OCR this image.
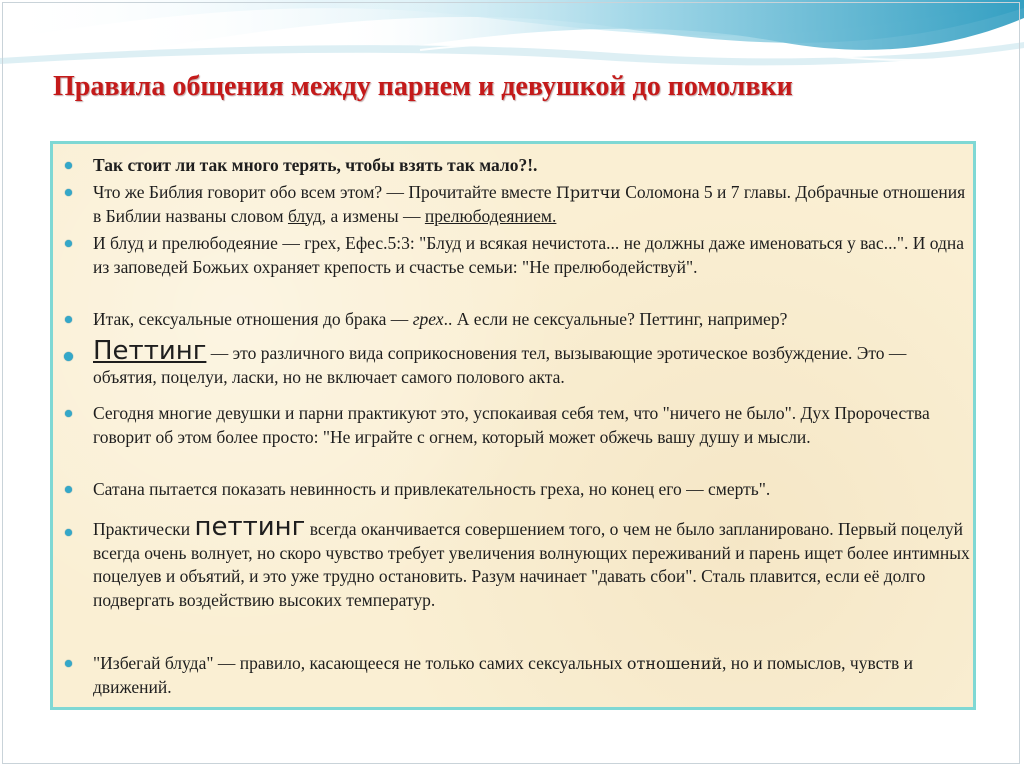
Правила общения между парнем и девушкой до помолвки
Так стоит ли так много терять, чтобы взять так мало?!.
Что же Библия говорит обо всем этом? — Прочитайте вместе Притчи Соломона 5 и 7 главы. Добрачные отношения в Библии названы словом блуд, а измены — прелюбодеянием.
И блуд и прелюбодеяние — грех, Ефес.5:3: "Блуд и всякая нечистота... не должны даже именоваться у вас...". И одна из заповедей Божьих охраняет крепость и счастье семьи: "Не прелюбодействуй".
Итак, сексуальные отношения до брака — грех.. А если не сексуальные? Петтинг, например?
Петтинг — это различного вида соприкосновения тел, вызывающие эротическое возбуждение. Это — объятия, поцелуи, ласки, но не включает самого полового акта.
Сегодня многие девушки и парни практикуют это, успокаивая себя тем, что "ничего не было". Дух Пророчества говорит об этом более просто: "Не играйте с огнем, который может обжечь вашу душу и мысли.
Сатана пытается показать невинность и привлекательность греха, но конец его — смерть".
Практически петтинг всегда оканчивается совершением того, о чем не было запланировано. Первый поцелуй всегда очень волнует, но скоро чувство требует увеличения волнующих переживаний и парень ищет более интимных поцелуев и объятий, и это уже трудно остановить. Разум начинает "давать сбои". Сталь плавится, если её долго подвергать воздействию высоких температур.
"Избегай блуда" — правило, касающееся не только самих сексуальных отношений, но и помыслов, чувств и движений.
